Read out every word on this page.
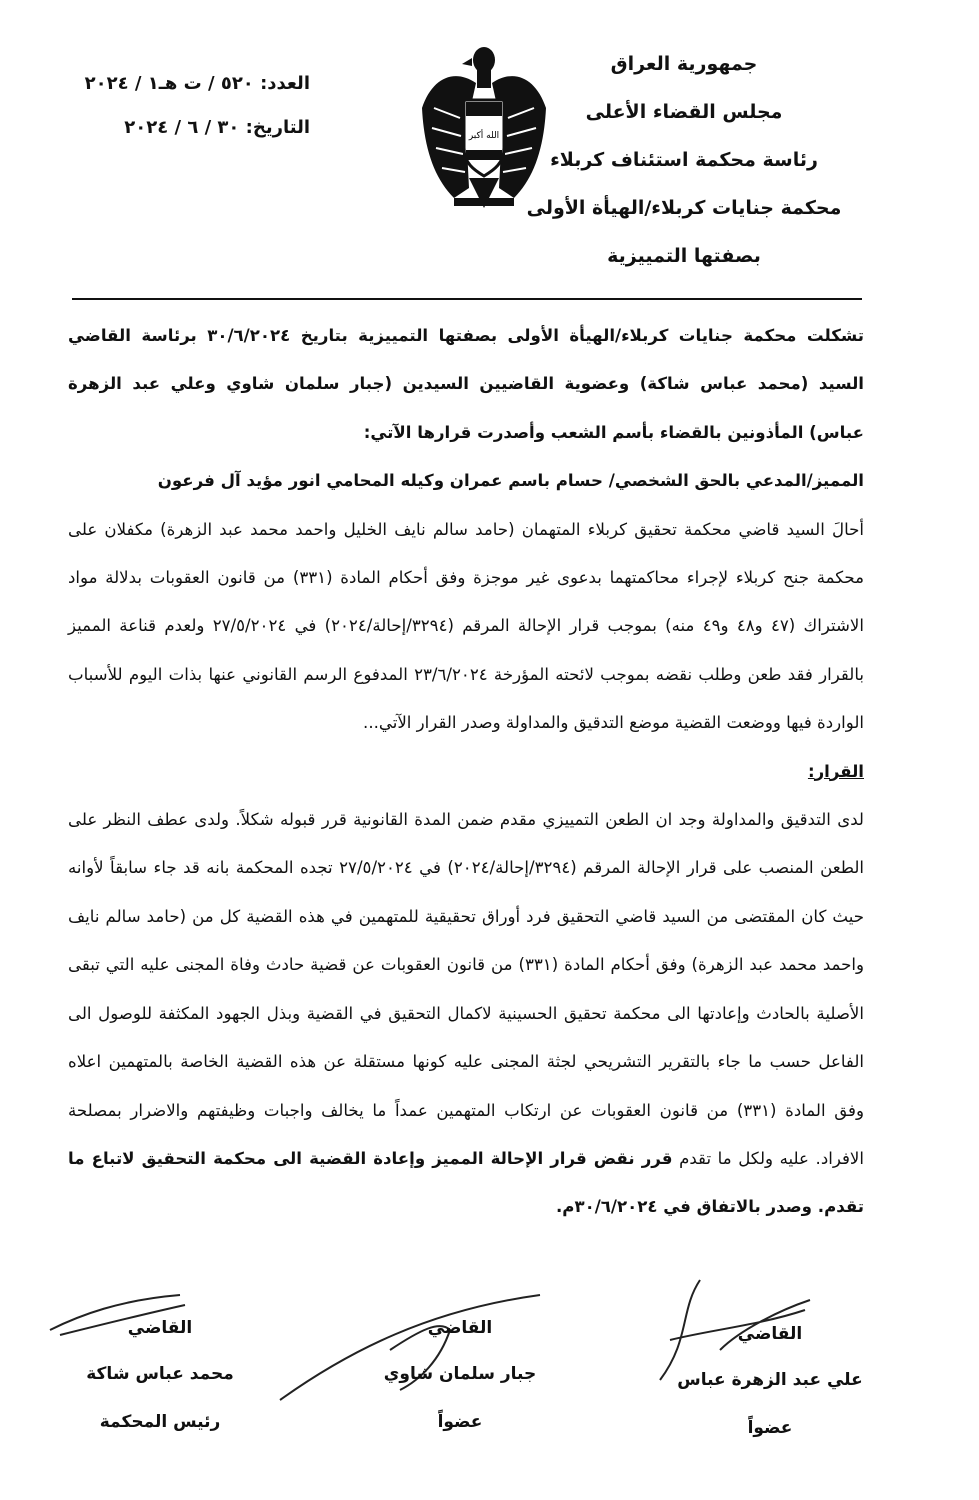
جمهورية العراق
مجلس القضاء الأعلى
رئاسة محكمة استئناف كربلاء
محكمة جنايات كربلاء/الهيأة الأولى
بصفتها التمييزية
الله أكبر
العدد: ٥٢٠ / ت هـ١ / ٢٠٢٤
التاريخ: ٣٠ / ٦ / ٢٠٢٤

تشكلت محكمة جنايات كربلاء/الهيأة الأولى بصفتها التمييزية بتاريخ ٣٠/٦/٢٠٢٤ برئاسة القاضي السيد (محمد عباس شاكة) وعضوية القاضيين السيدين (جبار سلمان شاوي وعلي عبد الزهرة عباس) المأذونين بالقضاء بأسم الشعب وأصدرت قرارها الآتي:

المميز/المدعي بالحق الشخصي/ حسام باسم عمران وكيله المحامي انور مؤيد آل فرعون

أحالَ السيد قاضي محكمة تحقيق كربلاء المتهمان (حامد سالم نايف الخليل واحمد محمد عبد الزهرة) مكفلان على محكمة جنح كربلاء لإجراء محاكمتهما بدعوى غير موجزة وفق أحكام المادة (٣٣١) من قانون العقوبات بدلالة مواد الاشتراك (٤٧ و٤٨ و٤٩ منه) بموجب قرار الإحالة المرقم (٣٢٩٤/إحالة/٢٠٢٤) في ٢٧/٥/٢٠٢٤ ولعدم قناعة المميز بالقرار فقد طعن وطلب نقضه بموجب لائحته المؤرخة ٢٣/٦/٢٠٢٤ المدفوع الرسم القانوني عنها بذات اليوم للأسباب الواردة فيها ووضعت القضية موضع التدقيق والمداولة وصدر القرار الآتي...

القرار:

لدى التدقيق والمداولة وجد ان الطعن التمييزي مقدم ضمن المدة القانونية قرر قبوله شكلاً. ولدى عطف النظر على الطعن المنصب على قرار الإحالة المرقم (٣٢٩٤/إحالة/٢٠٢٤) في ٢٧/٥/٢٠٢٤ تجده المحكمة بانه قد جاء سابقاً لأوانه حيث كان المقتضى من السيد قاضي التحقيق فرد أوراق تحقيقية للمتهمين في هذه القضية كل من (حامد سالم نايف واحمد محمد عبد الزهرة) وفق أحكام المادة (٣٣١) من قانون العقوبات عن قضية حادث وفاة المجنى عليه التي تبقى الأصلية بالحادث وإعادتها الى محكمة تحقيق الحسينية لاكمال التحقيق في القضية وبذل الجهود المكثفة للوصول الى الفاعل حسب ما جاء بالتقرير التشريحي لجثة المجنى عليه كونها مستقلة عن هذه القضية الخاصة بالمتهمين اعلاه وفق المادة (٣٣١) من قانون العقوبات عن ارتكاب المتهمين عمداً ما يخالف واجبات وظيفتهم والاضرار بمصلحة الافراد. عليه ولكل ما تقدم قرر نقض قرار الإحالة المميز وإعادة القضية الى محكمة التحقيق لاتباع ما تقدم. وصدر بالاتفاق في ٣٠/٦/٢٠٢٤م.

القاضي
علي عبد الزهرة عباس
عضواً
القاضي
جبار سلمان شاوي
عضواً
القاضي
محمد عباس شاكة
رئيس المحكمة
